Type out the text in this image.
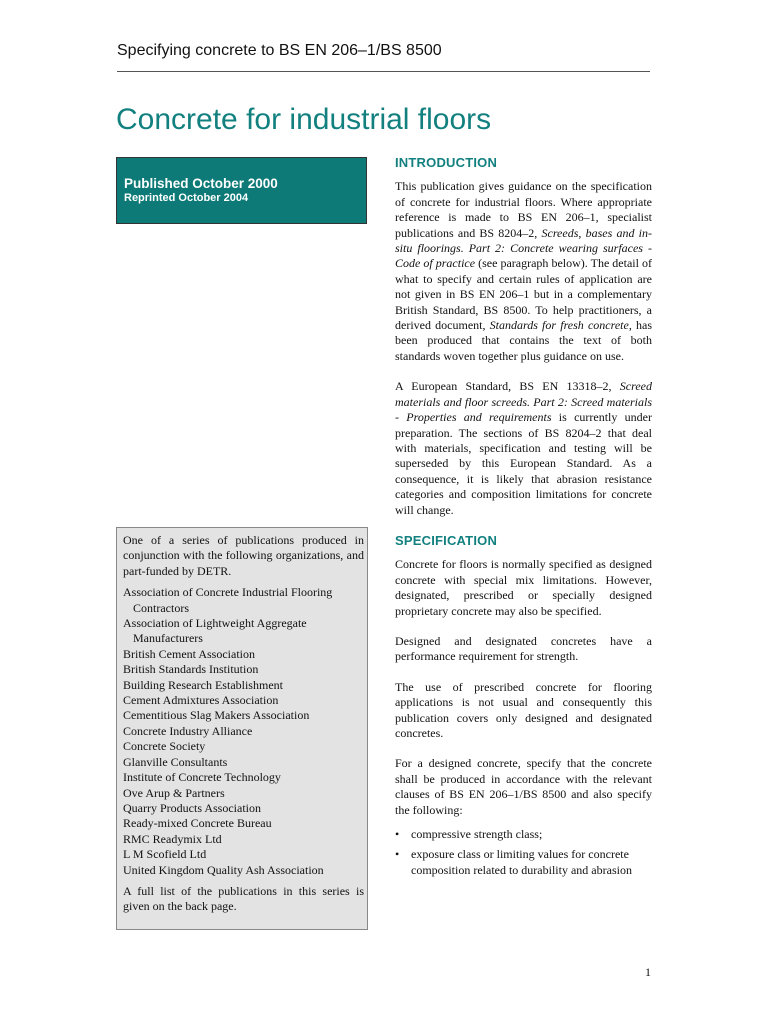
Specifying concrete to BS EN 206–1/BS 8500
Concrete for industrial floors
Published October 2000
Reprinted October 2004

One of a series of publications produced in conjunction with the following organizations, and part-funded by DETR.

Association of Concrete Industrial Flooring Contractors
Association of Lightweight Aggregate Manufacturers
British Cement Association
British Standards Institution
Building Research Establishment
Cement Admixtures Association
Cementitious Slag Makers Association
Concrete Industry Alliance
Concrete Society
Glanville Consultants
Institute of Concrete Technology
Ove Arup & Partners
Quarry Products Association
Ready-mixed Concrete Bureau
RMC Readymix Ltd
L M Scofield Ltd
United Kingdom Quality Ash Association

A full list of the publications in this series is given on the back page.

INTRODUCTION

This publication gives guidance on the specification of concrete for industrial floors. Where appropriate reference is made to BS EN 206–1, specialist publications and BS 8204–2, Screeds, bases and in-situ floorings. Part 2: Concrete wearing surfaces - Code of practice (see paragraph below). The detail of what to specify and certain rules of application are not given in BS EN 206–1 but in a complementary British Standard, BS 8500. To help practitioners, a derived document, Standards for fresh concrete, has been produced that contains the text of both standards woven together plus guidance on use.

A European Standard, BS EN 13318–2, Screed materials and floor screeds. Part 2: Screed materials - Properties and requirements is currently under preparation. The sections of BS 8204–2 that deal with materials, specification and testing will be superseded by this European Standard. As a consequence, it is likely that abrasion resistance categories and composition limitations for concrete will change.

SPECIFICATION

Concrete for floors is normally specified as designed concrete with special mix limitations. However, designated, prescribed or specially designed proprietary concrete may also be specified.

Designed and designated concretes have a performance requirement for strength.

The use of prescribed concrete for flooring applications is not usual and consequently this publication covers only designed and designated concretes.

For a designed concrete, specify that the concrete shall be produced in accordance with the relevant clauses of BS EN 206–1/BS 8500 and also specify the following:

• compressive strength class;
• exposure class or limiting values for concrete composition related to durability and abrasion
1
